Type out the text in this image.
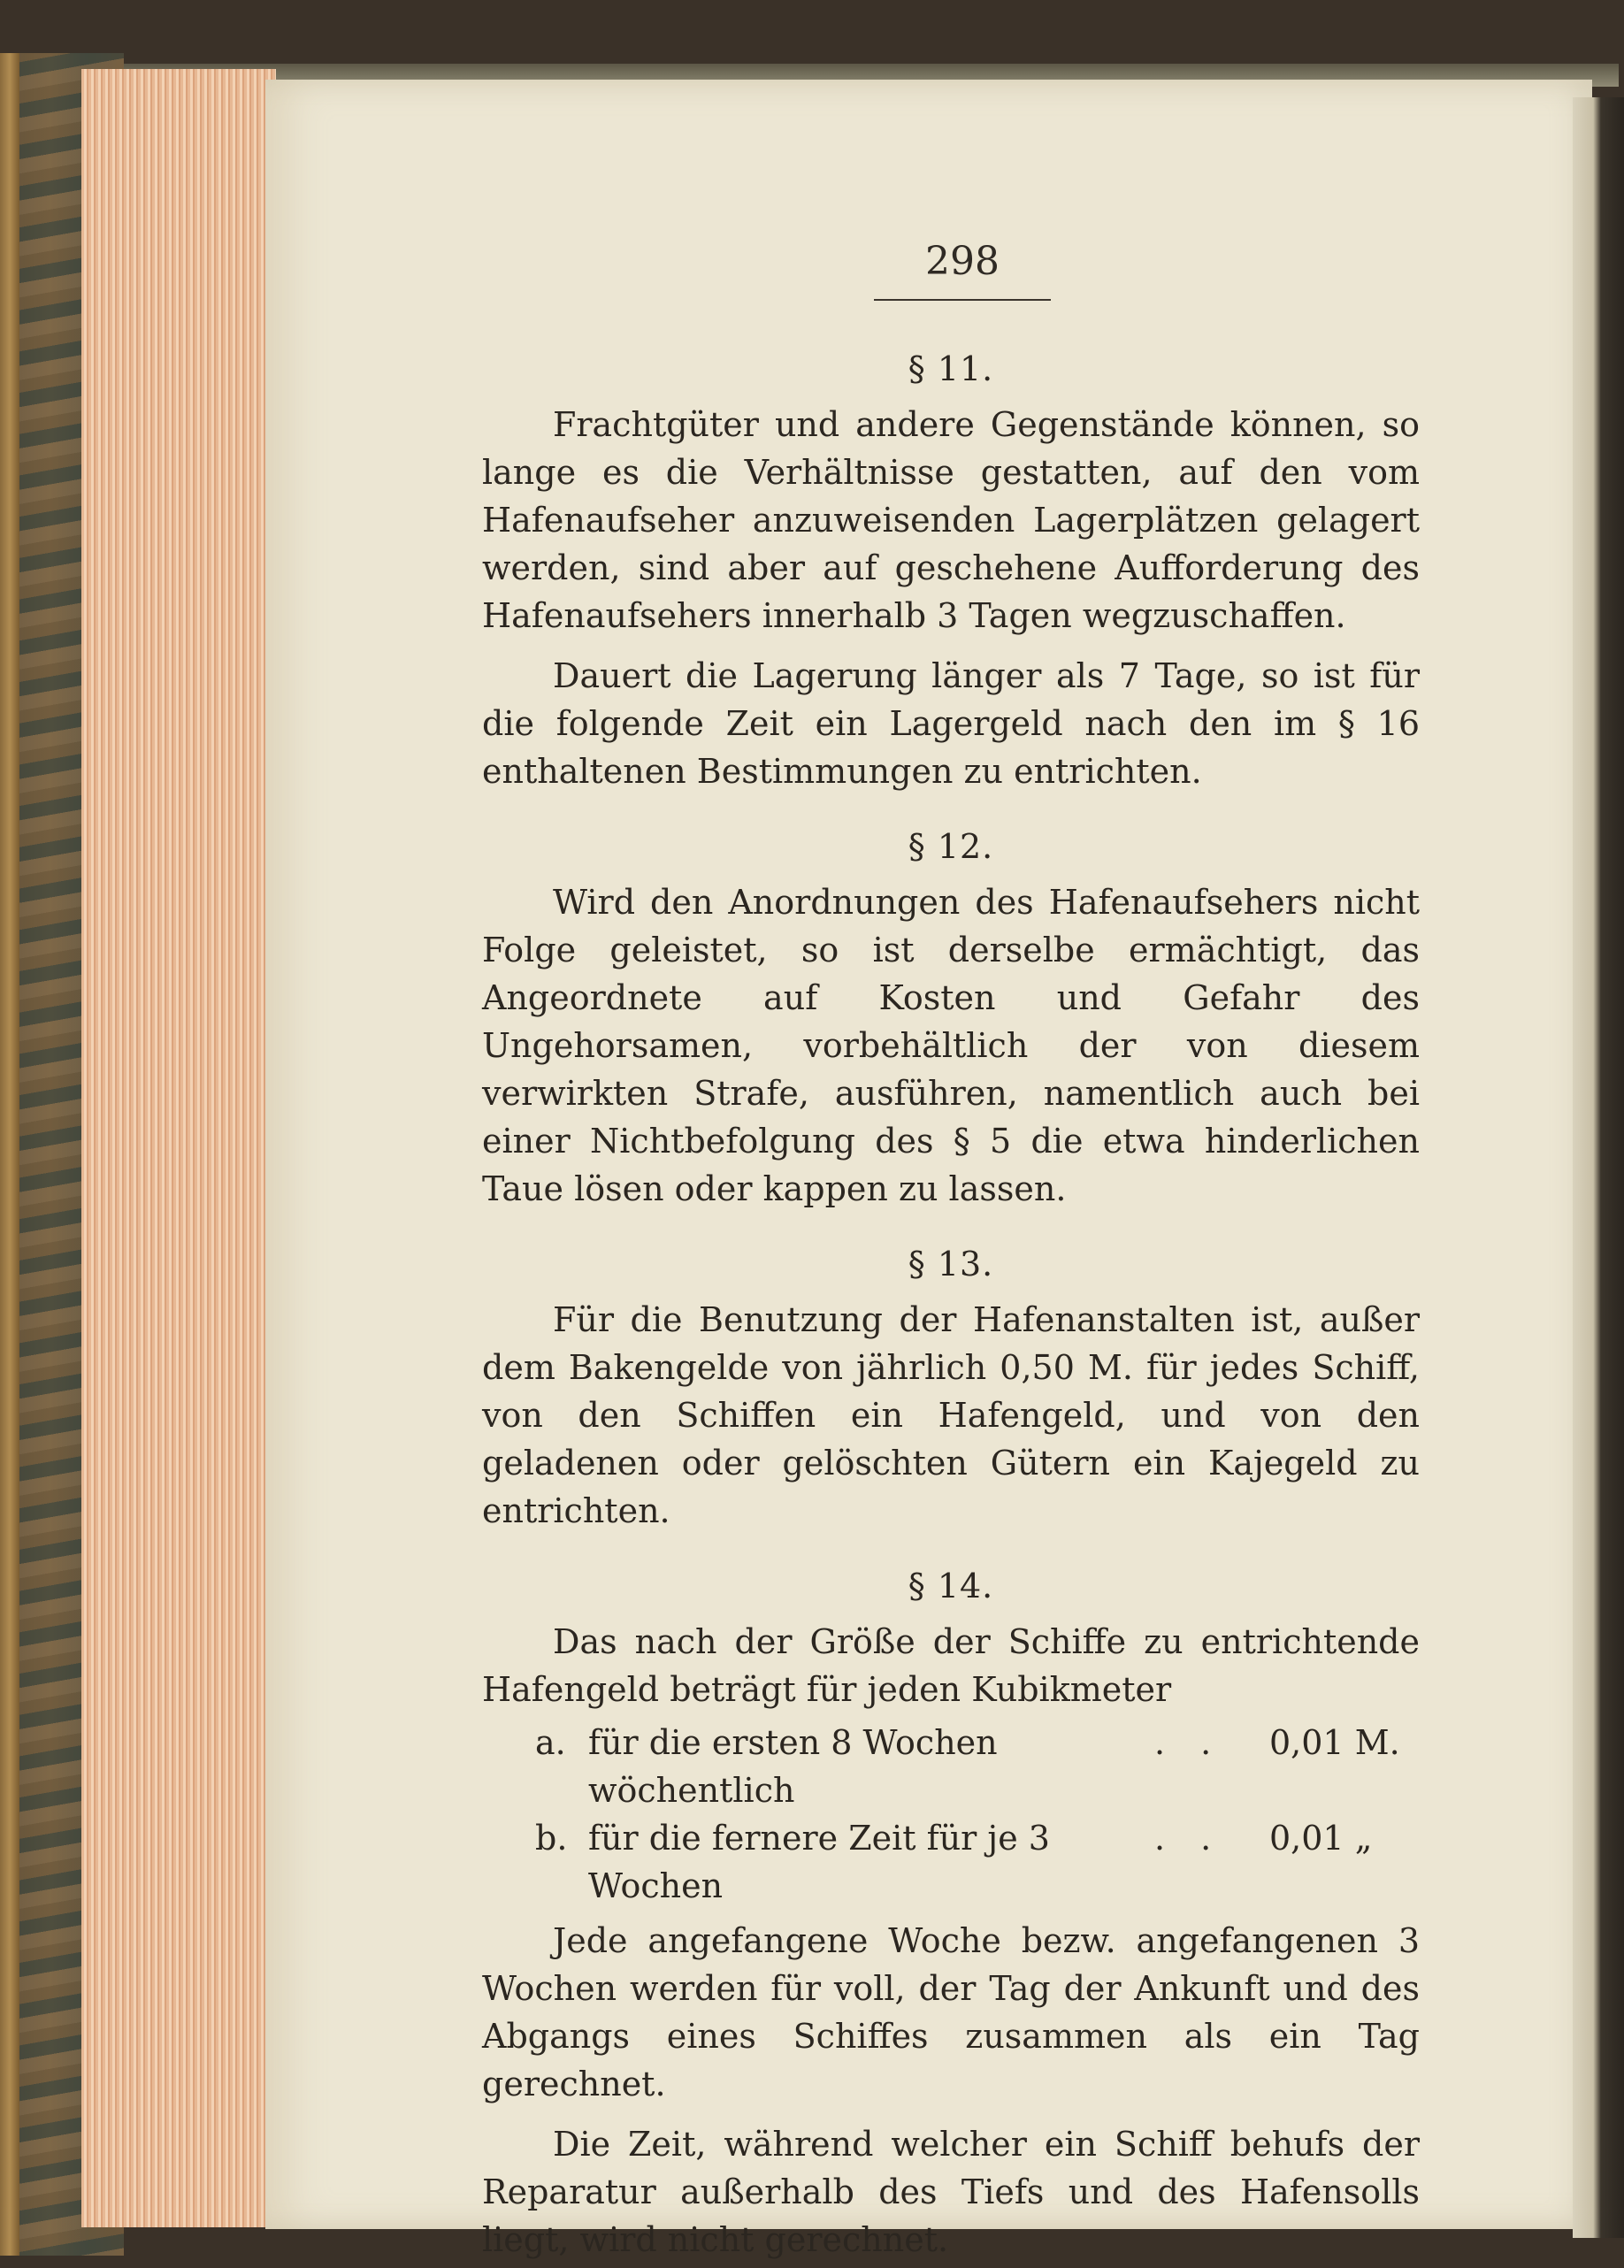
298

§ 11.

Frachtgüter und andere Gegenstände können, so lange es die Verhältnisse gestatten, auf den vom Hafenaufseher anzuweisenden Lagerplätzen gelagert werden, sind aber auf geschehene Aufforderung des Hafenaufsehers innerhalb 3 Tagen wegzuschaffen.

Dauert die Lagerung länger als 7 Tage, so ist für die folgende Zeit ein Lagergeld nach den im § 16 enthaltenen Bestimmungen zu entrichten.

§ 12.

Wird den Anordnungen des Hafenaufsehers nicht Folge geleistet, so ist derselbe ermächtigt, das Angeordnete auf Kosten und Gefahr des Ungehorsamen, vorbehältlich der von diesem verwirkten Strafe, ausführen, namentlich auch bei einer Nichtbefolgung des § 5 die etwa hinderlichen Taue lösen oder kappen zu lassen.

§ 13.

Für die Benutzung der Hafenanstalten ist, außer dem Bakengelde von jährlich 0,50 M. für jedes Schiff, von den Schiffen ein Hafengeld, und von den geladenen oder gelöschten Gütern ein Kajegeld zu entrichten.

§ 14.

Das nach der Größe der Schiffe zu entrichtende Hafengeld beträgt für jeden Kubikmeter

a. für die ersten 8 Wochen wöchentlich
. .	0,01 M.
b. für die fernere Zeit für je 3 Wochen
. .	0,01 „

Jede angefangene Woche bezw. angefangenen 3 Wochen werden für voll, der Tag der Ankunft und des Abgangs eines Schiffes zusammen als ein Tag gerechnet.

Die Zeit, während welcher ein Schiff behufs der Reparatur außerhalb des Tiefs und des Hafensolls liegt, wird nicht gerechnet.
